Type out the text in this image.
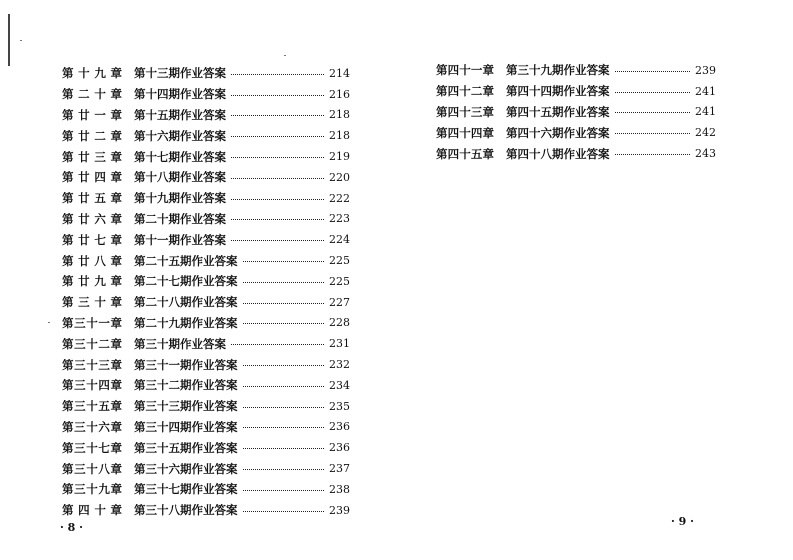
第十九章 第十三期作业答案	214
第二十章 第十四期作业答案	216
第廿一章 第十五期作业答案	218
第廿二章 第十六期作业答案	218
第廿三章 第十七期作业答案	219
第廿四章 第十八期作业答案	220
第廿五章 第十九期作业答案	222
第廿六章 第二十期作业答案	223
第廿七章 第十一期作业答案	224
第廿八章 第二十五期作业答案	225
第廿九章 第二十七期作业答案	225
第三十章 第二十八期作业答案	227
第三十一章 第二十九期作业答案	228
第三十二章 第三十期作业答案	231
第三十三章 第三十一期作业答案	232
第三十四章 第三十二期作业答案	234
第三十五章 第三十三期作业答案	235
第三十六章 第三十四期作业答案	236
第三十七章 第三十五期作业答案	236
第三十八章 第三十六期作业答案	237
第三十九章 第三十七期作业答案	238
第四十章 第三十八期作业答案	239
· 8 ·
第四十一章 第三十九期作业答案	239
第四十二章 第四十四期作业答案	241
第四十三章 第四十五期作业答案	241
第四十四章 第四十六期作业答案	242
第四十五章 第四十八期作业答案	243
· 9 ·
